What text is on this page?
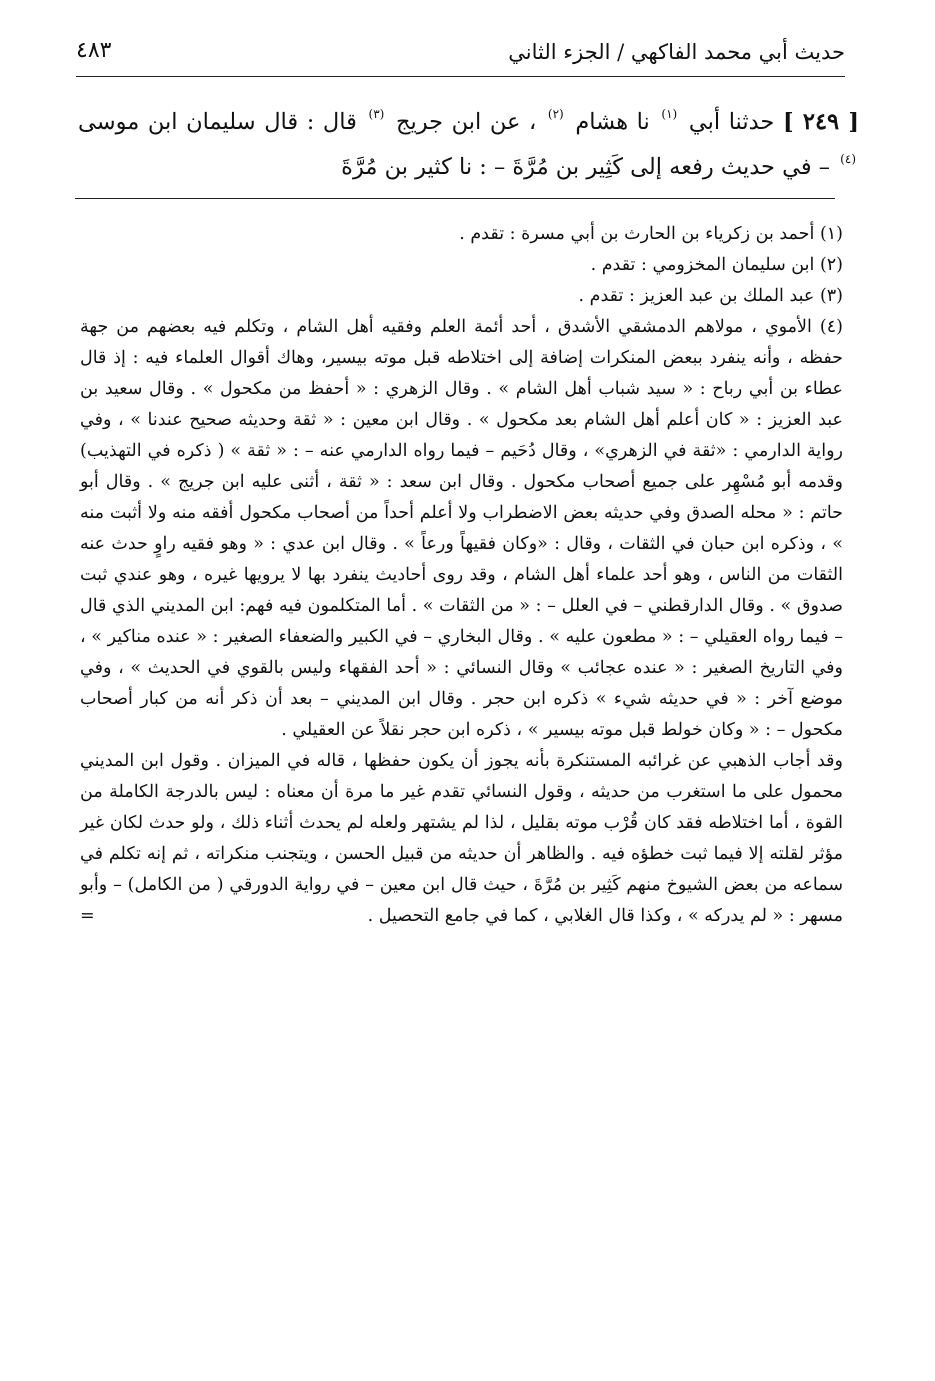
حديث أبي محمد الفاكهي / الجزء الثاني
٤٨٣
[ ٢٤٩ ] حدثنا أبي $^{(١)}$ نا هشام $^{(٢)}$ ، عن ابن جريج $^{(٣)}$ قال : قال سليمان ابن موسى $^{(٤)}$ – في حديث رفعه إلى كَثِير بن مُرَّةَ – : نا كثير بن مُرَّةَ
(١) أحمد بن زكرياء بن الحارث بن أبي مسرة : تقدم .
(٢) ابن سليمان المخزومي : تقدم .
(٣) عبد الملك بن عبد العزيز : تقدم .
(٤) الأموي ، مولاهم الدمشقي الأشدق ، أحد أئمة العلم وفقيه أهل الشام ، وتكلم فيه بعضهم من جهة حفظه ، وأنه ينفرد ببعض المنكرات إضافة إلى اختلاطه قبل موته بيسير، وهاك أقوال العلماء فيه : إذ قال عطاء بن أبي رباح : « سيد شباب أهل الشام » . وقال الزهري : « أحفظ من مكحول » . وقال سعيد بن عبد العزيز : « كان أعلم أهل الشام بعد مكحول » . وقال ابن معين : « ثقة وحديثه صحيح عندنا » ، وفي رواية الدارمي : «ثقة في الزهري» ، وقال دُحَيم – فيما رواه الدارمي عنه – : « ثقة » ( ذكره في التهذيب) وقدمه أبو مُسْهِر على جميع أصحاب مكحول . وقال ابن سعد : « ثقة ، أثنى عليه ابن جريج » . وقال أبو حاتم : « محله الصدق وفي حديثه بعض الاضطراب ولا أعلم أحداً من أصحاب مكحول أفقه منه ولا أثبت منه » ، وذكره ابن حبان في الثقات ، وقال : «وكان فقيهاً ورعاً » . وقال ابن عدي : « وهو فقيه راوٍ حدث عنه الثقات من الناس ، وهو أحد علماء أهل الشام ، وقد روى أحاديث ينفرد بها لا يرويها غيره ، وهو عندي ثبت صدوق » . وقال الدارقطني – في العلل – : « من الثقات » . أما المتكلمون فيه فهم: ابن المديني الذي قال – فيما رواه العقيلي – : « مطعون عليه » . وقال البخاري – في الكبير والضعفاء الصغير : « عنده مناكير » ، وفي التاريخ الصغير : « عنده عجائب » وقال النسائي : « أحد الفقهاء وليس بالقوي في الحديث » ، وفي موضع آخر : « في حديثه شيء » ذكره ابن حجر . وقال ابن المديني – بعد أن ذكر أنه من كبار أصحاب مكحول – : « وكان خولط قبل موته بيسير » ، ذكره ابن حجر نقلاً عن العقيلي .
وقد أجاب الذهبي عن غرائبه المستنكرة بأنه يجوز أن يكون حفظها ، قاله في الميزان . وقول ابن المديني محمول على ما استغرب من حديثه ، وقول النسائي تقدم غير ما مرة أن معناه : ليس بالدرجة الكاملة من القوة ، أما اختلاطه فقد كان قُرْب موته بقليل ، لذا لم يشتهر ولعله لم يحدث أثناء ذلك ، ولو حدث لكان غير مؤثر لقلته إلا فيما ثبت خطؤه فيه . والظاهر أن حديثه من قبيل الحسن ، ويتجنب منكراته ، ثم إنه تكلم في سماعه من بعض الشيوخ منهم كَثِير بن مُرَّةَ ، حيث قال ابن معين – في رواية الدورقي ( من الكامل) – وأبو مسهر : « لم يدركه » ، وكذا قال الغلابي ، كما في جامع التحصيل .
=
